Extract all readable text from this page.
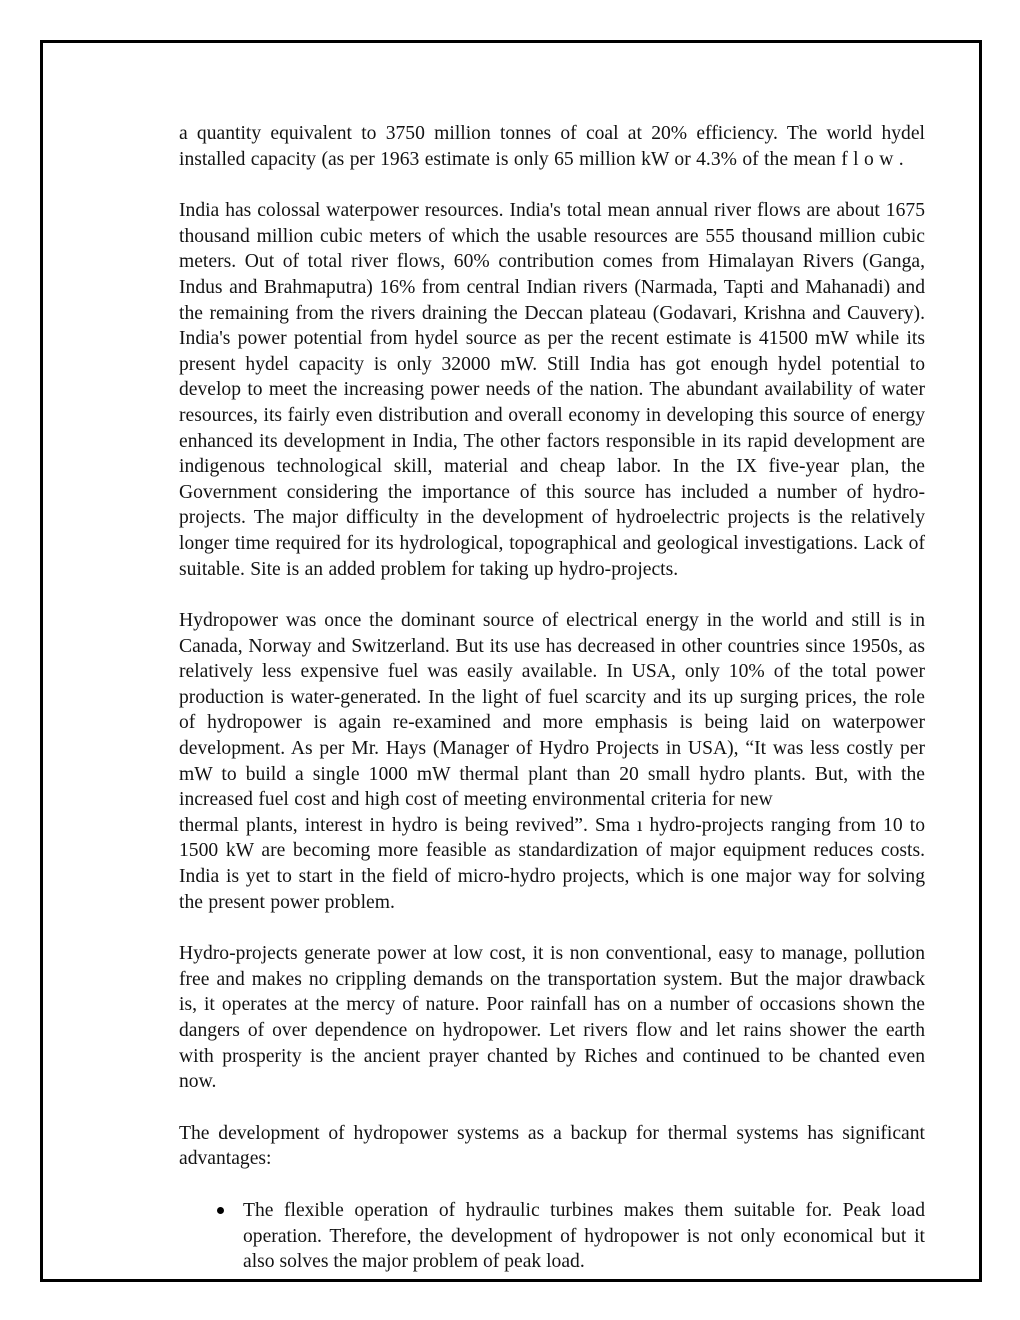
a quantity equivalent to 3750 million tonnes of coal at 20% efficiency. The world hydel installed capacity (as per 1963 estimate is only 65 million kW or 4.3% of the mean f l o w .

India has colossal waterpower resources. India's total mean annual river flows are about 1675 thousand million cubic meters of which the usable resources are 555 thousand million cubic meters. Out of total river flows, 60% contribution comes from Himalayan Rivers (Ganga, Indus and Brahmaputra) 16% from central Indian rivers (Narmada, Tapti and Mahanadi) and the remaining from the rivers draining the Deccan plateau (Godavari, Krishna and Cauvery). India's power potential from hydel source as per the recent estimate is 41500 mW while its present hydel capacity is only 32000 mW. Still India has got enough hydel potential to develop to meet the increasing power needs of the nation. The abundant availability of water resources, its fairly even distribution and overall economy in developing this source of energy enhanced its development in India, The other factors responsible in its rapid development are indigenous technological skill, material and cheap labor. In the IX five-year plan, the Government considering the importance of this source has included a number of hydro-projects. The major difficulty in the development of hydroelectric projects is the relatively longer time required for its hydrological, topographical and geological investigations. Lack of suitable. Site is an added problem for taking up hydro-projects.

Hydropower was once the dominant source of electrical energy in the world and still is in Canada, Norway and Switzerland. But its use has decreased in other countries since 1950s, as relatively less expensive fuel was easily available. In USA, only 10% of the total power production is water-generated. In the light of fuel scarcity and its up surging prices, the role of hydropower is again re-examined and more emphasis is being laid on waterpower development. As per Mr. Hays (Manager of Hydro Projects in USA), “It was less costly per mW to build a single 1000 mW thermal plant than 20 small hydro plants. But, with the increased fuel cost and high cost of meeting environmental criteria for new

thermal plants, interest in hydro is being revived”. Sma ı hydro-projects ranging from 10 to 1500 kW are becoming more feasible as standardization of major equipment reduces costs. India is yet to start in the field of micro-hydro projects, which is one major way for solving the present power problem.

Hydro-projects generate power at low cost, it is non conventional, easy to manage, pollution free and makes no crippling demands on the transportation system. But the major drawback is, it operates at the mercy of nature. Poor rainfall has on a number of occasions shown the dangers of over dependence on hydropower. Let rivers flow and let rains shower the earth with prosperity is the ancient prayer chanted by Riches and continued to be chanted even now.

The development of hydropower systems as a backup for thermal systems has significant advantages:

The flexible operation of hydraulic turbines makes them suitable for. Peak load operation. Therefore, the development of hydropower is not only economical but it also solves the major problem of peak load.
